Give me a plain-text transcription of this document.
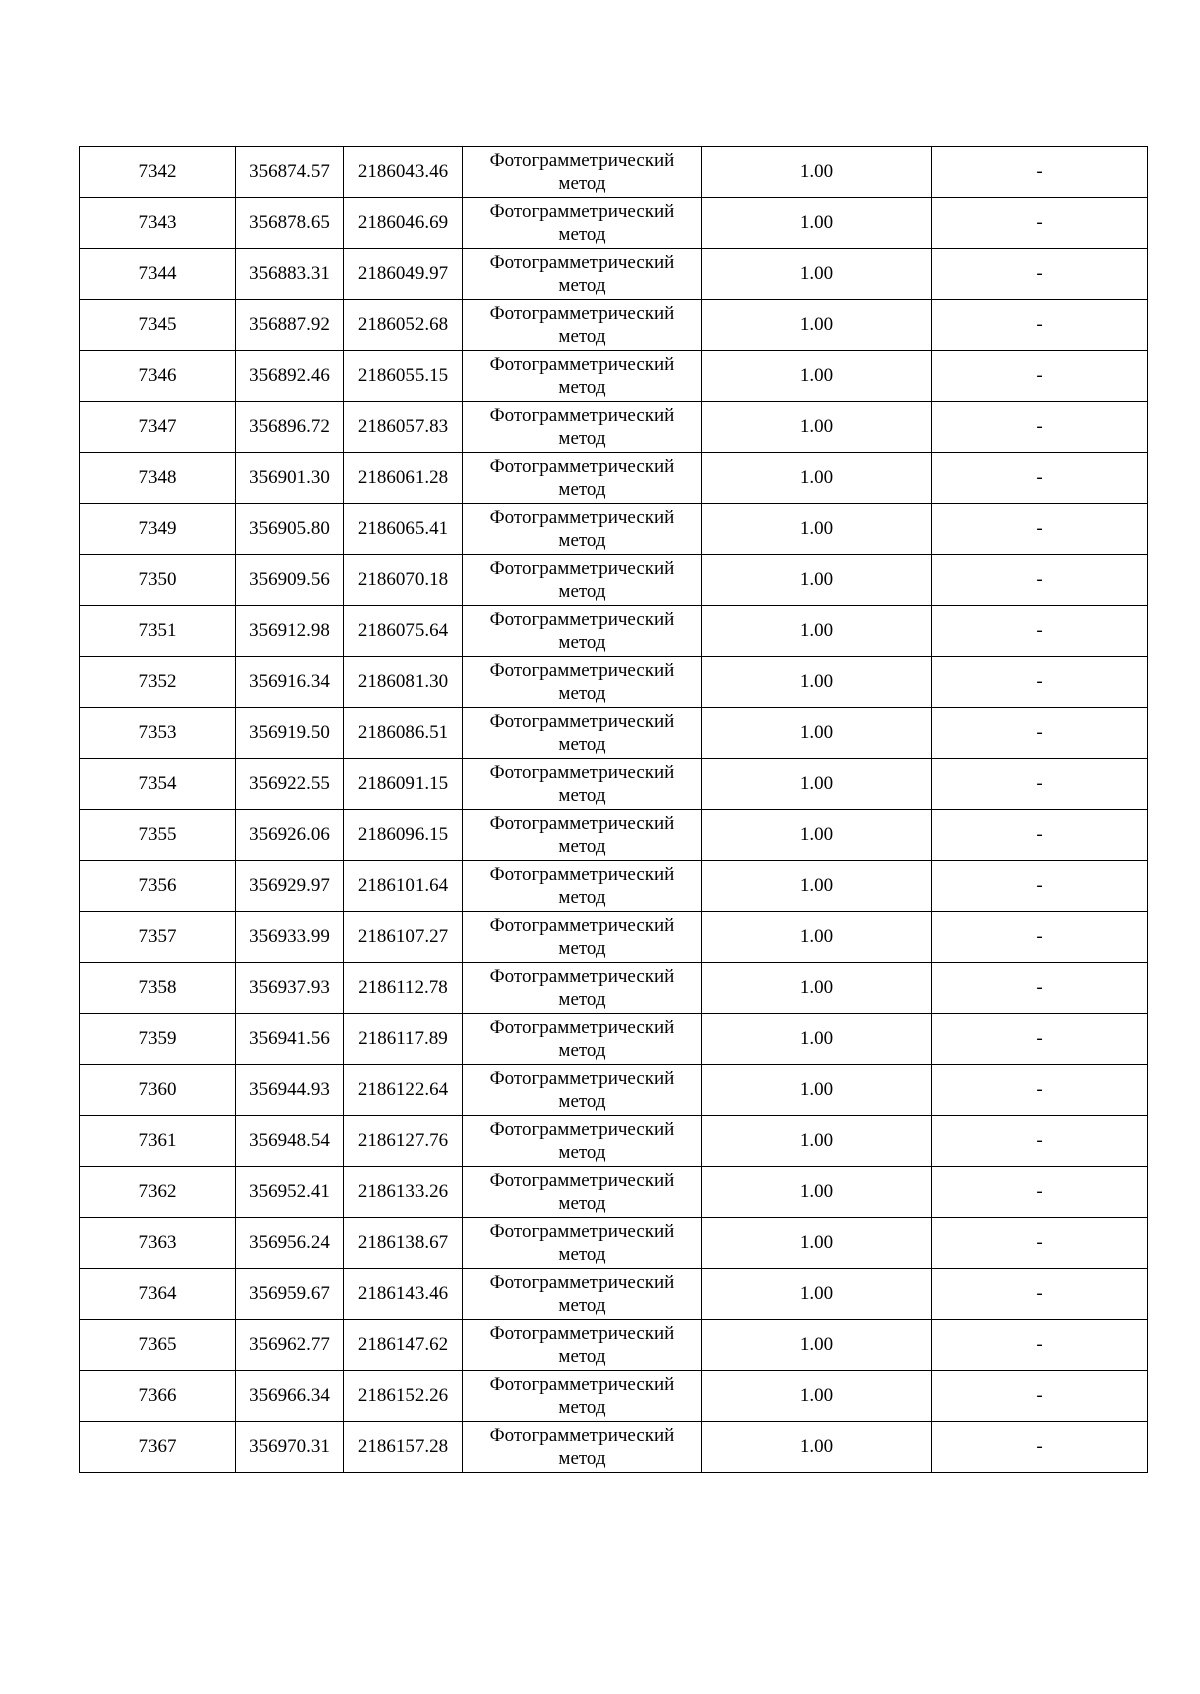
7342	356874.57	2186043.46	Фотограмметрический метод	1.00	-
7343	356878.65	2186046.69	Фотограмметрический метод	1.00	-
7344	356883.31	2186049.97	Фотограмметрический метод	1.00	-
7345	356887.92	2186052.68	Фотограмметрический метод	1.00	-
7346	356892.46	2186055.15	Фотограмметрический метод	1.00	-
7347	356896.72	2186057.83	Фотограмметрический метод	1.00	-
7348	356901.30	2186061.28	Фотограмметрический метод	1.00	-
7349	356905.80	2186065.41	Фотограмметрический метод	1.00	-
7350	356909.56	2186070.18	Фотограмметрический метод	1.00	-
7351	356912.98	2186075.64	Фотограмметрический метод	1.00	-
7352	356916.34	2186081.30	Фотограмметрический метод	1.00	-
7353	356919.50	2186086.51	Фотограмметрический метод	1.00	-
7354	356922.55	2186091.15	Фотограмметрический метод	1.00	-
7355	356926.06	2186096.15	Фотограмметрический метод	1.00	-
7356	356929.97	2186101.64	Фотограмметрический метод	1.00	-
7357	356933.99	2186107.27	Фотограмметрический метод	1.00	-
7358	356937.93	2186112.78	Фотограмметрический метод	1.00	-
7359	356941.56	2186117.89	Фотограмметрический метод	1.00	-
7360	356944.93	2186122.64	Фотограмметрический метод	1.00	-
7361	356948.54	2186127.76	Фотограмметрический метод	1.00	-
7362	356952.41	2186133.26	Фотограмметрический метод	1.00	-
7363	356956.24	2186138.67	Фотограмметрический метод	1.00	-
7364	356959.67	2186143.46	Фотограмметрический метод	1.00	-
7365	356962.77	2186147.62	Фотограмметрический метод	1.00	-
7366	356966.34	2186152.26	Фотограмметрический метод	1.00	-
7367	356970.31	2186157.28	Фотограмметрический метод	1.00	-
